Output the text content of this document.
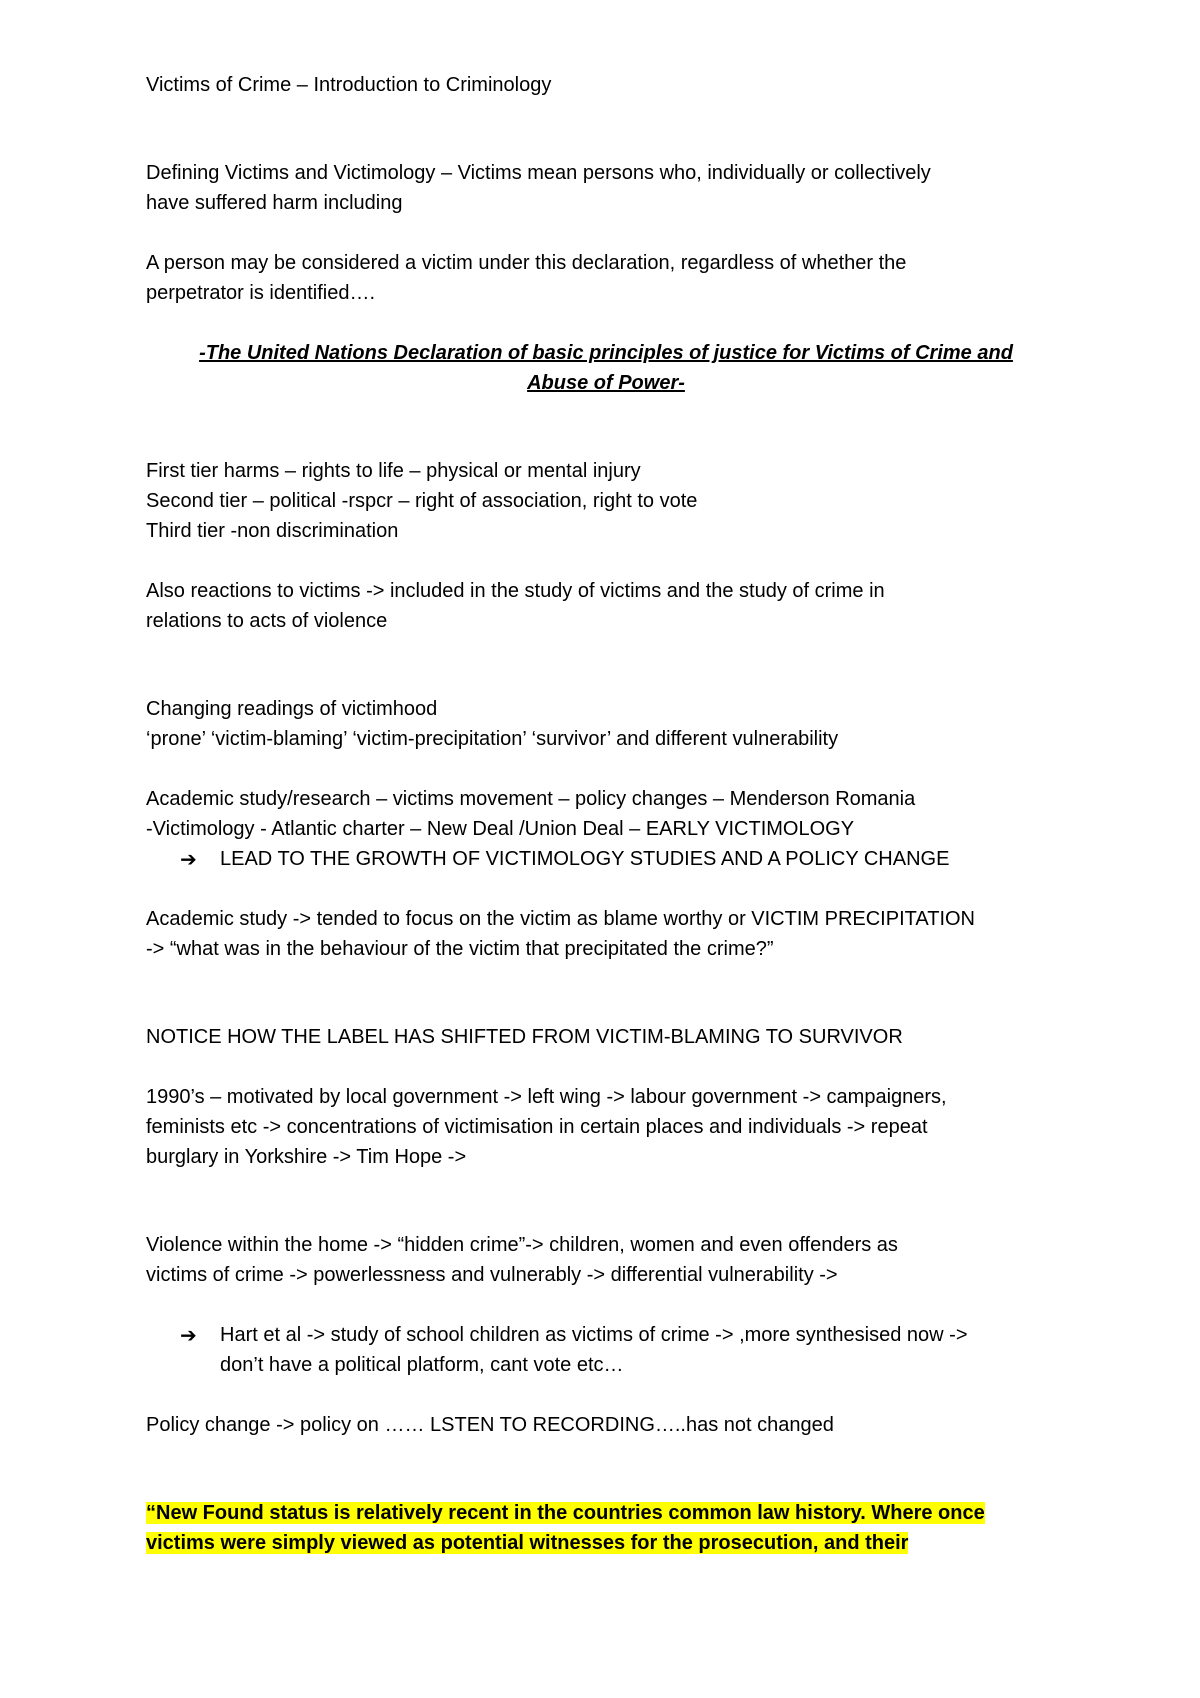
Victims of Crime – Introduction to Criminology

Defining Victims and Victimology – Victims mean persons who, individually or collectively

have suffered harm including

A person may be considered a victim under this declaration, regardless of whether the

perpetrator is identified….

-The United Nations Declaration of basic principles of justice for Victims of Crime and

Abuse of Power-

First tier harms – rights to life – physical or mental injury

Second tier – political -rspcr – right of association, right to vote

Third tier -non discrimination

Also reactions to victims -> included in the study of victims and the study of crime in

relations to acts of violence

Changing readings of victimhood

‘prone’ ‘victim-blaming’ ‘victim-precipitation’ ‘survivor’ and different vulnerability

Academic study/research – victims movement – policy changes – Menderson Romania

-Victimology - Atlantic charter – New Deal /Union Deal – EARLY VICTIMOLOGY

➔	LEAD TO THE GROWTH OF VICTIMOLOGY STUDIES AND A POLICY CHANGE

Academic study -> tended to focus on the victim as blame worthy or VICTIM PRECIPITATION

-> “what was in the behaviour of the victim that precipitated the crime?”

NOTICE HOW THE LABEL HAS SHIFTED FROM VICTIM-BLAMING TO SURVIVOR

1990’s – motivated by local government -> left wing -> labour government -> campaigners,

feminists etc -> concentrations of victimisation in certain places and individuals -> repeat

burglary in Yorkshire -> Tim Hope ->

Violence within the home -> “hidden crime”-> children, women and even offenders as

victims of crime -> powerlessness and vulnerably -> differential vulnerability ->

➔	Hart et al -> study of school children as victims of crime -> ,more synthesised now ->
don’t have a political platform, cant vote etc…

Policy change -> policy on …… LSTEN TO RECORDING…..has not changed

“New Found status is relatively recent in the countries common law history. Where once

victims were simply viewed as potential witnesses for the prosecution, and their
